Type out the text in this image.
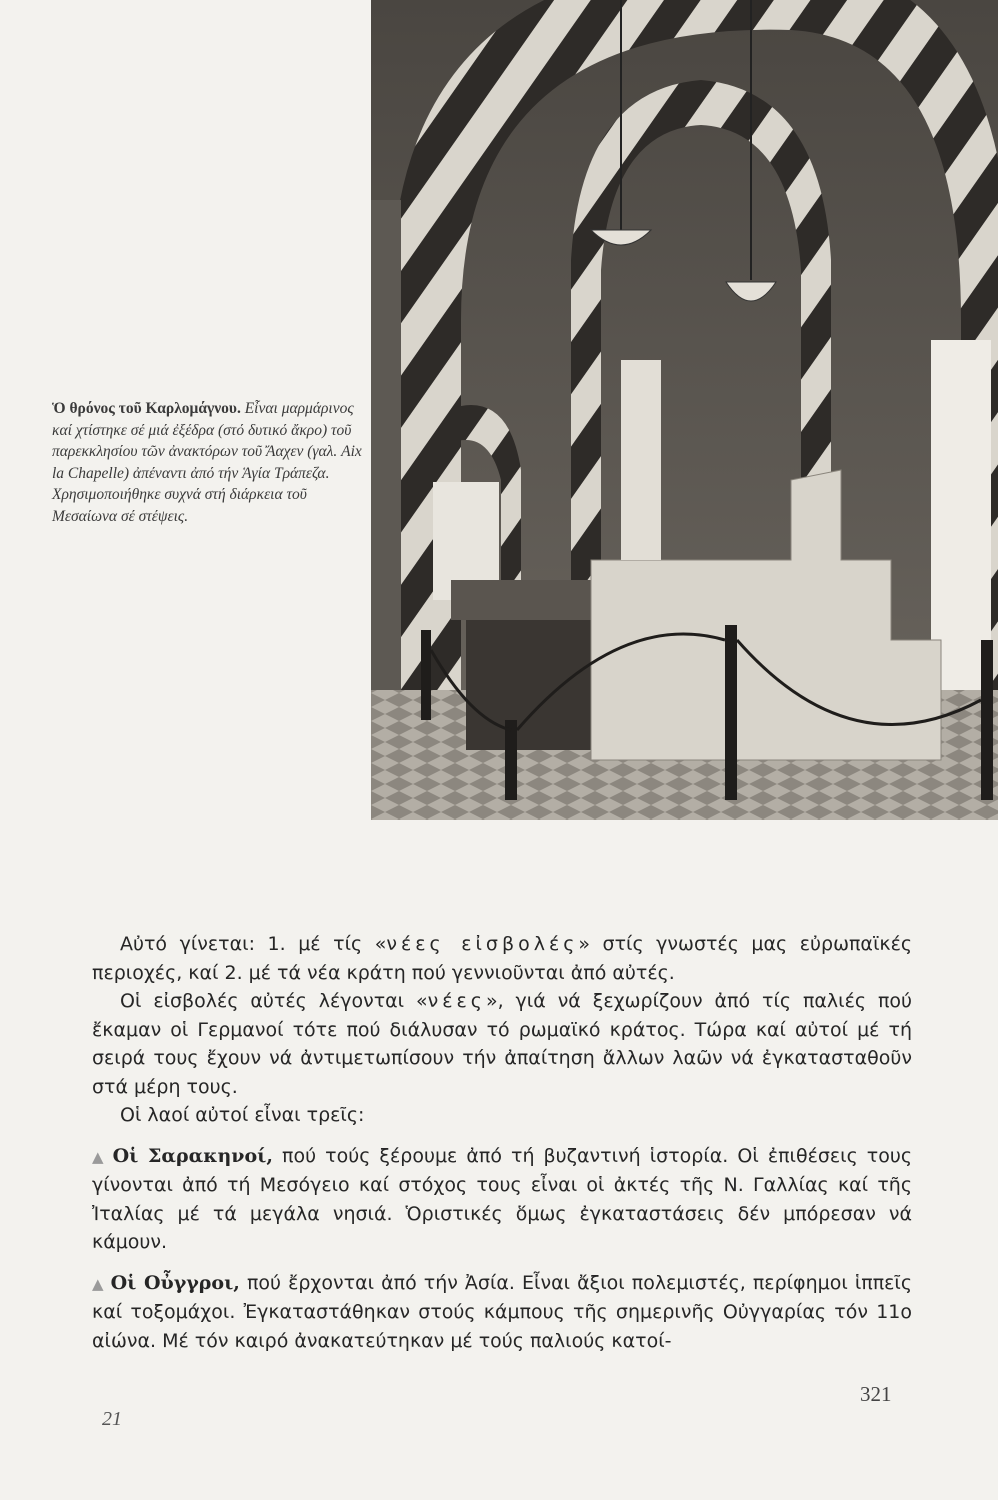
Ὁ θρόνος τοῦ Καρλομάγνου. Εἶναι μαρμάρινος καί χτίστηκε σέ μιά ἐξέδρα (στό δυτικό ἄκρο) τοῦ παρεκκλησίου τῶν ἀνακτόρων τοῦ Ἄαχεν (γαλ. Aix la Chapelle) ἀπέναντι ἀπό τήν Ἁγία Τράπεζα. Χρησιμοποιήθηκε συχνά στή διάρκεια τοῦ Μεσαίωνα σέ στέψεις.

Αὐτό γίνεται: 1. μέ τίς «νέες εἰσβολές» στίς γνωστές μας εὐρωπαϊκές περιοχές, καί 2. μέ τά νέα κράτη πού γεννιοῦνται ἀπό αὐτές.

Οἱ εἰσβολές αὐτές λέγονται «νέες», γιά νά ξεχωρίζουν ἀπό τίς παλιές πού ἔκαμαν οἱ Γερμανοί τότε πού διάλυσαν τό ρωμαϊκό κράτος. Τώρα καί αὐτοί μέ τή σειρά τους ἔχουν νά ἀντιμετωπίσουν τήν ἀπαίτηση ἄλλων λαῶν νά ἐγκατασταθοῦν στά μέρη τους.

Οἱ λαοί αὐτοί εἶναι τρεῖς:

▲ Οἱ Σαρακηνοί, πού τούς ξέρουμε ἀπό τή βυζαντινή ἱστορία. Οἱ ἐπιθέσεις τους γίνονται ἀπό τή Μεσόγειο καί στόχος τους εἶναι οἱ ἀκτές τῆς Ν. Γαλλίας καί τῆς Ἰταλίας μέ τά μεγάλα νησιά. Ὁριστικές ὅμως ἐγκαταστάσεις δέν μπόρεσαν νά κάμουν.

▲ Οἱ Οὖγγροι, πού ἔρχονται ἀπό τήν Ἀσία. Εἶναι ἄξιοι πολεμιστές, περίφημοι ἱππεῖς καί τοξομάχοι. Ἐγκαταστάθηκαν στούς κάμπους τῆς σημερινῆς Οὐγγαρίας τόν 11ο αἰώνα. Μέ τόν καιρό ἀνακατεύτηκαν μέ τούς παλιούς κατοί-

21
321
